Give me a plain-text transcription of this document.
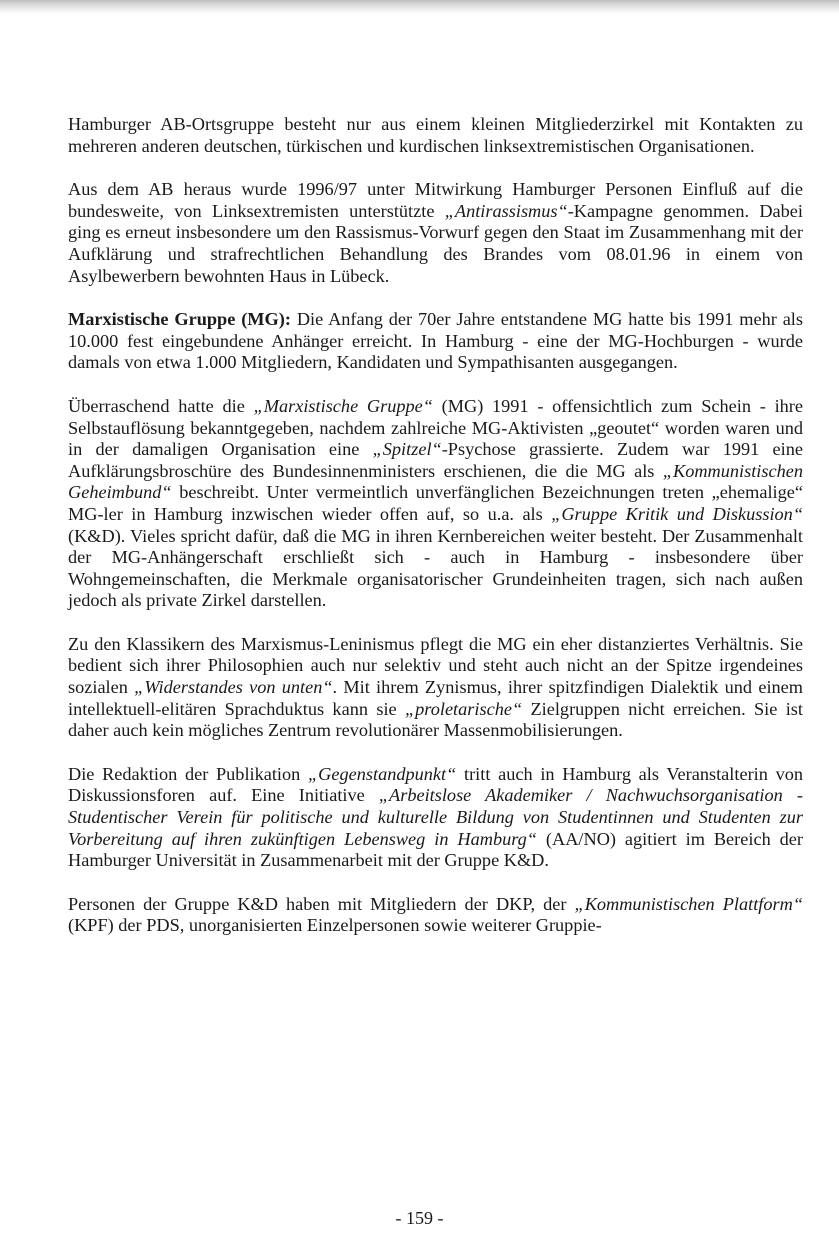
Hamburger AB-Ortsgruppe besteht nur aus einem kleinen Mitgliederzirkel mit Kontakten zu mehreren anderen deutschen, türkischen und kurdischen linksextremistischen Organisationen.

Aus dem AB heraus wurde 1996/97 unter Mitwirkung Hamburger Personen Einfluß auf die bundesweite, von Linksextremisten unterstützte „Antirassismus“-Kampagne genommen. Dabei ging es erneut insbesondere um den Rassismus-Vorwurf gegen den Staat im Zusammenhang mit der Aufklärung und strafrechtlichen Behandlung des Brandes vom 08.01.96 in einem von Asylbewerbern bewohnten Haus in Lübeck.

Marxistische Gruppe (MG): Die Anfang der 70er Jahre entstandene MG hatte bis 1991 mehr als 10.000 fest eingebundene Anhänger erreicht. In Hamburg - eine der MG-Hochburgen - wurde damals von etwa 1.000 Mitgliedern, Kandidaten und Sympathisanten ausgegangen.

Überraschend hatte die „Marxistische Gruppe“ (MG) 1991 - offensichtlich zum Schein - ihre Selbstauflösung bekanntgegeben, nachdem zahlreiche MG-Aktivisten „geoutet“ worden waren und in der damaligen Organisation eine „Spitzel“-Psychose grassierte. Zudem war 1991 eine Aufklärungsbroschüre des Bundesinnenministers erschienen, die die MG als „Kommunistischen Geheimbund“ beschreibt. Unter vermeintlich unverfänglichen Bezeichnungen treten „ehemalige“ MG-ler in Hamburg inzwischen wieder offen auf, so u.a. als „Gruppe Kritik und Diskussion“ (K&D). Vieles spricht dafür, daß die MG in ihren Kernbereichen weiter besteht. Der Zusammenhalt der MG-Anhängerschaft erschließt sich - auch in Hamburg - insbesondere über Wohngemeinschaften, die Merkmale organisatorischer Grundeinheiten tragen, sich nach außen jedoch als private Zirkel darstellen.

Zu den Klassikern des Marxismus-Leninismus pflegt die MG ein eher distanziertes Verhältnis. Sie bedient sich ihrer Philosophien auch nur selektiv und steht auch nicht an der Spitze irgendeines sozialen „Widerstandes von unten“. Mit ihrem Zynismus, ihrer spitzfindigen Dialektik und einem intellektuell-elitären Sprachduktus kann sie „proletarische“ Zielgruppen nicht erreichen. Sie ist daher auch kein mögliches Zentrum revolutionärer Massenmobilisierungen.

Die Redaktion der Publikation „Gegenstandpunkt“ tritt auch in Hamburg als Veranstalterin von Diskussionsforen auf. Eine Initiative „Arbeitslose Akademiker / Nachwuchsorganisation - Studentischer Verein für politische und kulturelle Bildung von Studentinnen und Studenten zur Vorbereitung auf ihren zukünftigen Lebensweg in Hamburg“ (AA/NO) agitiert im Bereich der Hamburger Universität in Zusammenarbeit mit der Gruppe K&D.

Personen der Gruppe K&D haben mit Mitgliedern der DKP, der „Kommunistischen Plattform“ (KPF) der PDS, unorganisierten Einzelpersonen sowie weiterer Gruppie-

- 159 -
